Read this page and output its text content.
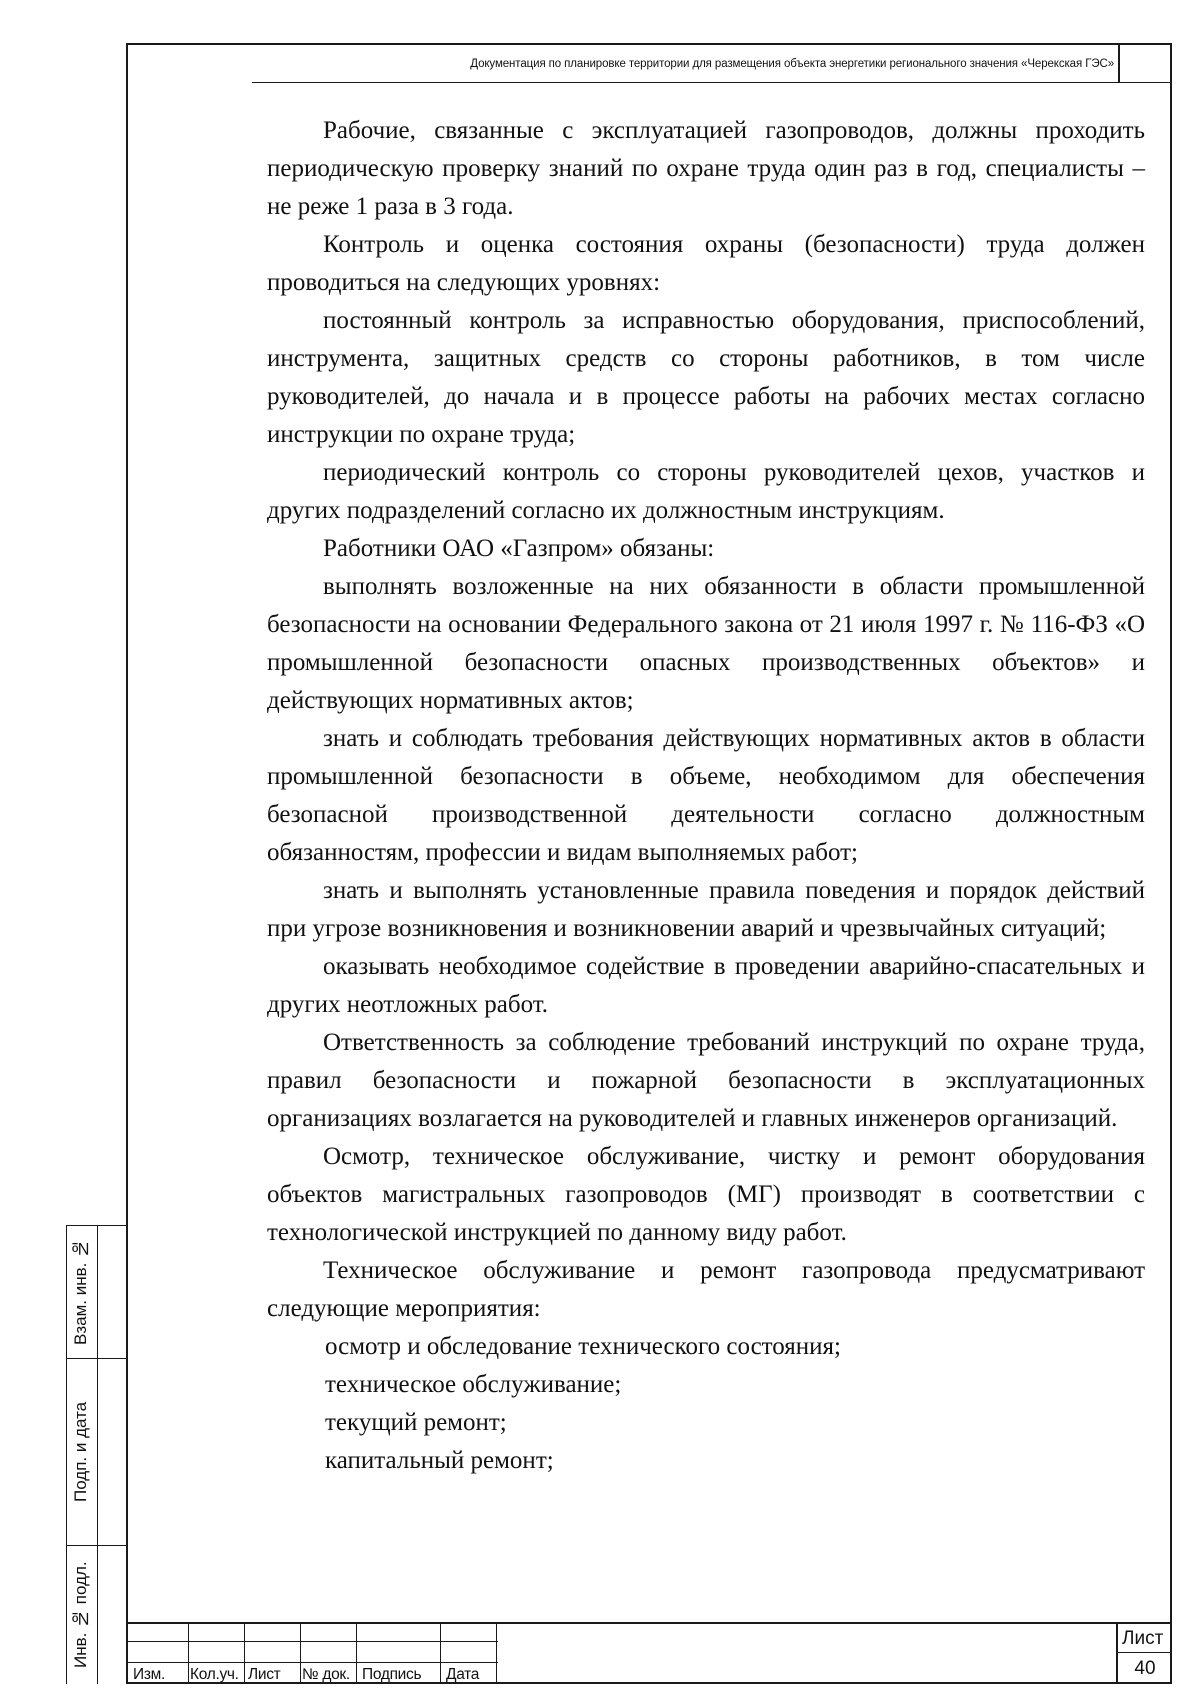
Документация по планировке территории для размещения объекта энергетики регионального значения «Черекская ГЭС»

Рабочие, связанные с эксплуатацией газопроводов, должны проходить периодическую проверку знаний по охране труда один раз в год, специалисты – не реже 1 раза в 3 года.

Контроль и оценка состояния охраны (безопасности) труда должен проводиться на следующих уровнях:

постоянный контроль за исправностью оборудования, приспособлений, инструмента, защитных средств со стороны работников, в том числе руководителей, до начала и в процессе работы на рабочих местах согласно инструкции по охране труда;

периодический контроль со стороны руководителей цехов, участков и других подразделений согласно их должностным инструкциям.

Работники ОАО «Газпром» обязаны:

выполнять возложенные на них обязанности в области промышленной безопасности на основании Федерального закона от 21 июля 1997 г. № 116-ФЗ «О промышленной безопасности опасных производственных объектов» и действующих нормативных актов;

знать и соблюдать требования действующих нормативных актов в области промышленной безопасности в объеме, необходимом для обеспечения безопасной производственной деятельности согласно должностным обязанностям, профессии и видам выполняемых работ;

знать и выполнять установленные правила поведения и порядок действий при угрозе возникновения и возникновении аварий и чрезвычайных ситуаций;

оказывать необходимое содействие в проведении аварийно-спасательных и других неотложных работ.

Ответственность за соблюдение требований инструкций по охране труда, правил безопасности и пожарной безопасности в эксплуатационных организациях возлагается на руководителей и главных инженеров организаций.

Осмотр, техническое обслуживание, чистку и ремонт оборудования объектов магистральных газопроводов (МГ) производят в соответствии с технологической инструкцией по данному виду работ.

Техническое обслуживание и ремонт газопровода предусматривают следующие мероприятия:

осмотр и обследование технического состояния;

техническое обслуживание;

текущий ремонт;

капитальный ремонт;

Взам. инв. №
Подп. и дата
Инв. № подл.
Изм. Кол.уч. Лист № док. Подпись Дата
Лист
40
